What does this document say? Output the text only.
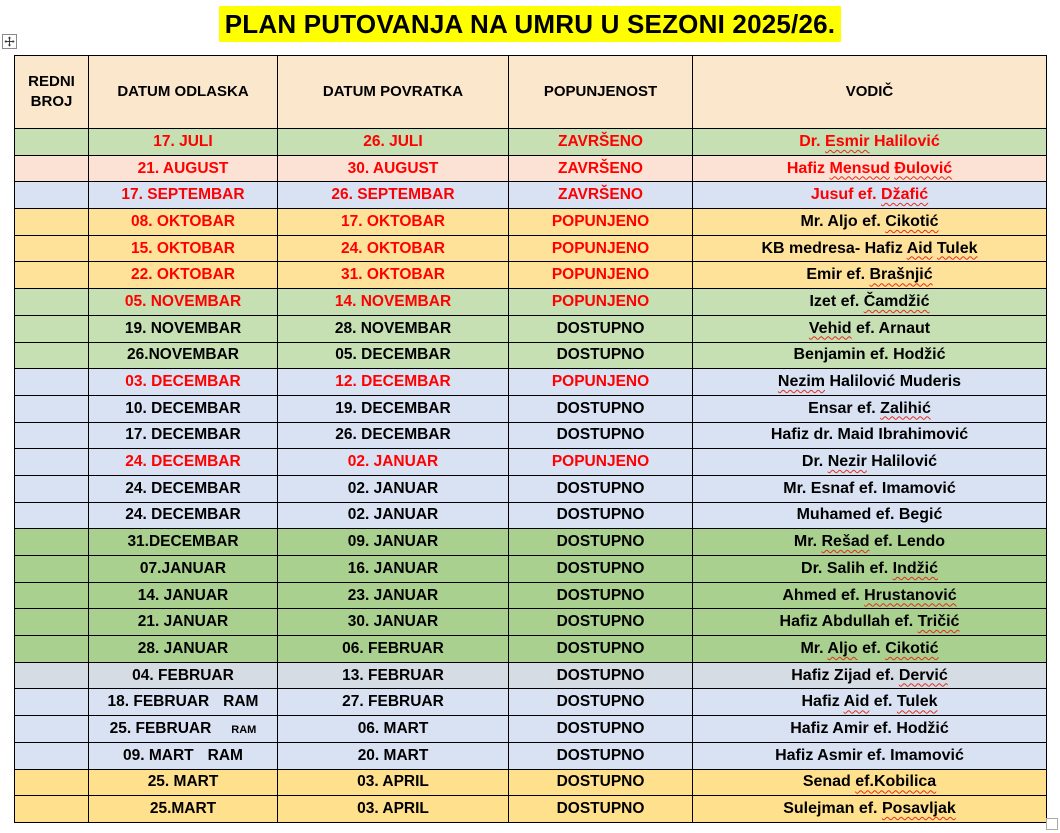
PLAN PUTOVANJA NA UMRU U SEZONI 2025/26.
REDNI BROJ	DATUM ODLASKA	DATUM POVRATKA	POPUNJENOST	VODIČ
	17. JULI	26. JULI	ZAVRŠENO	Dr. Esmir Halilović
	21. AUGUST	30. AUGUST	ZAVRŠENO	Hafiz Mensud Đulović
	17. SEPTEMBAR	26. SEPTEMBAR	ZAVRŠENO	Jusuf ef. Džafić
	08. OKTOBAR	17. OKTOBAR	POPUNJENO	Mr. Aljo ef. Cikotić
	15. OKTOBAR	24. OKTOBAR	POPUNJENO	KB medresa- Hafiz Aid Tulek
	22. OKTOBAR	31. OKTOBAR	POPUNJENO	Emir ef. Brašnjić
	05. NOVEMBAR	14. NOVEMBAR	POPUNJENO	Izet ef. Čamdžić
	19. NOVEMBAR	28. NOVEMBAR	DOSTUPNO	Vehid ef. Arnaut
	26.NOVEMBAR	05. DECEMBAR	DOSTUPNO	Benjamin ef. Hodžić
	03. DECEMBAR	12. DECEMBAR	POPUNJENO	Nezim Halilović Muderis
	10. DECEMBAR	19. DECEMBAR	DOSTUPNO	Ensar ef. Zalihić
	17. DECEMBAR	26. DECEMBAR	DOSTUPNO	Hafiz dr. Maid Ibrahimović
	24. DECEMBAR	02. JANUAR	POPUNJENO	Dr. Nezir Halilović
	24. DECEMBAR	02. JANUAR	DOSTUPNO	Mr. Esnaf ef. Imamović
	24. DECEMBAR	02. JANUAR	DOSTUPNO	Muhamed ef. Begić
	31.DECEMBAR	09. JANUAR	DOSTUPNO	Mr. Rešad ef. Lendo
	07.JANUAR	16. JANUAR	DOSTUPNO	Dr. Salih ef. Indžić
	14. JANUAR	23. JANUAR	DOSTUPNO	Ahmed ef. Hrustanović
	21. JANUAR	30. JANUAR	DOSTUPNO	Hafiz Abdullah ef. Tričić
	28. JANUAR	06. FEBRUAR	DOSTUPNO	Mr. Aljo ef. Cikotić
	04. FEBRUAR	13. FEBRUAR	DOSTUPNO	Hafiz Zijad ef. Dervić
	18. FEBRUAR RAM	27. FEBRUAR	DOSTUPNO	Hafiz Aid ef. Tulek
	25. FEBRUAR RAM	06. MART	DOSTUPNO	Hafiz Amir ef. Hodžić
	09. MART RAM	20. MART	DOSTUPNO	Hafiz Asmir ef. Imamović
	25. MART	03. APRIL	DOSTUPNO	Senad ef.Kobilica
	25.MART	03. APRIL	DOSTUPNO	Sulejman ef. Posavljak
